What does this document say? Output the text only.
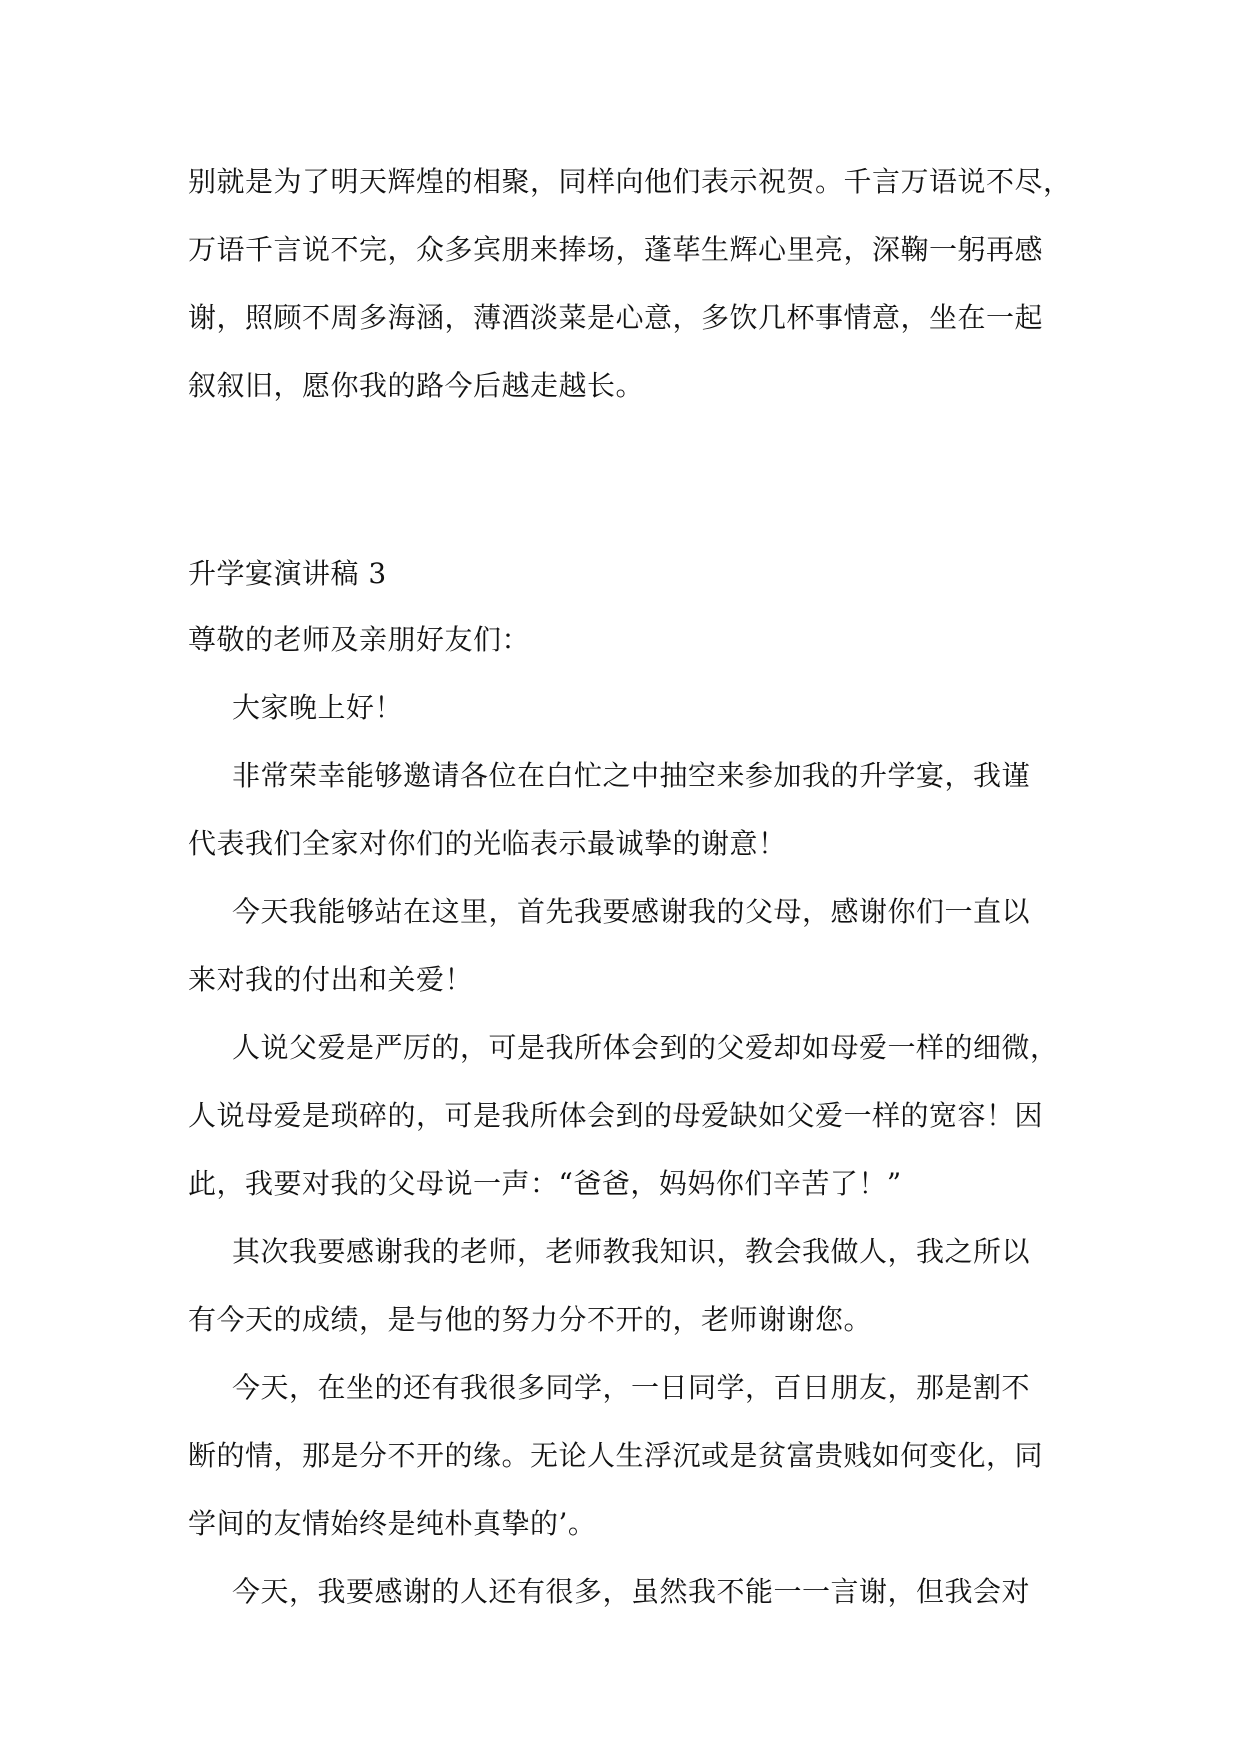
别就是为了明天辉煌的相聚，同样向他们表示祝贺。千言万语说不尽，
万语千言说不完，众多宾朋来捧场，蓬荜生辉心里亮，深鞠一躬再感
谢，照顾不周多海涵，薄酒淡菜是心意，多饮几杯事情意，坐在一起
叙叙旧，愿你我的路今后越走越长。
升学宴演讲稿 3
尊敬的老师及亲朋好友们：
大家晚上好！
非常荣幸能够邀请各位在白忙之中抽空来参加我的升学宴，我谨
代表我们全家对你们的光临表示最诚挚的谢意！
今天我能够站在这里，首先我要感谢我的父母，感谢你们一直以
来对我的付出和关爱！
人说父爱是严厉的，可是我所体会到的父爱却如母爱一样的细微，
人说母爱是琐碎的，可是我所体会到的母爱缺如父爱一样的宽容！因
此，我要对我的父母说一声：“爸爸，妈妈你们辛苦了！”
其次我要感谢我的老师，老师教我知识，教会我做人，我之所以
有今天的成绩，是与他的努力分不开的，老师谢谢您。
今天，在坐的还有我很多同学，一日同学，百日朋友，那是割不
断的情，那是分不开的缘。无论人生浮沉或是贫富贵贱如何变化，同
学间的友情始终是纯朴真挚的’。
今天，我要感谢的人还有很多，虽然我不能一一言谢，但我会对
